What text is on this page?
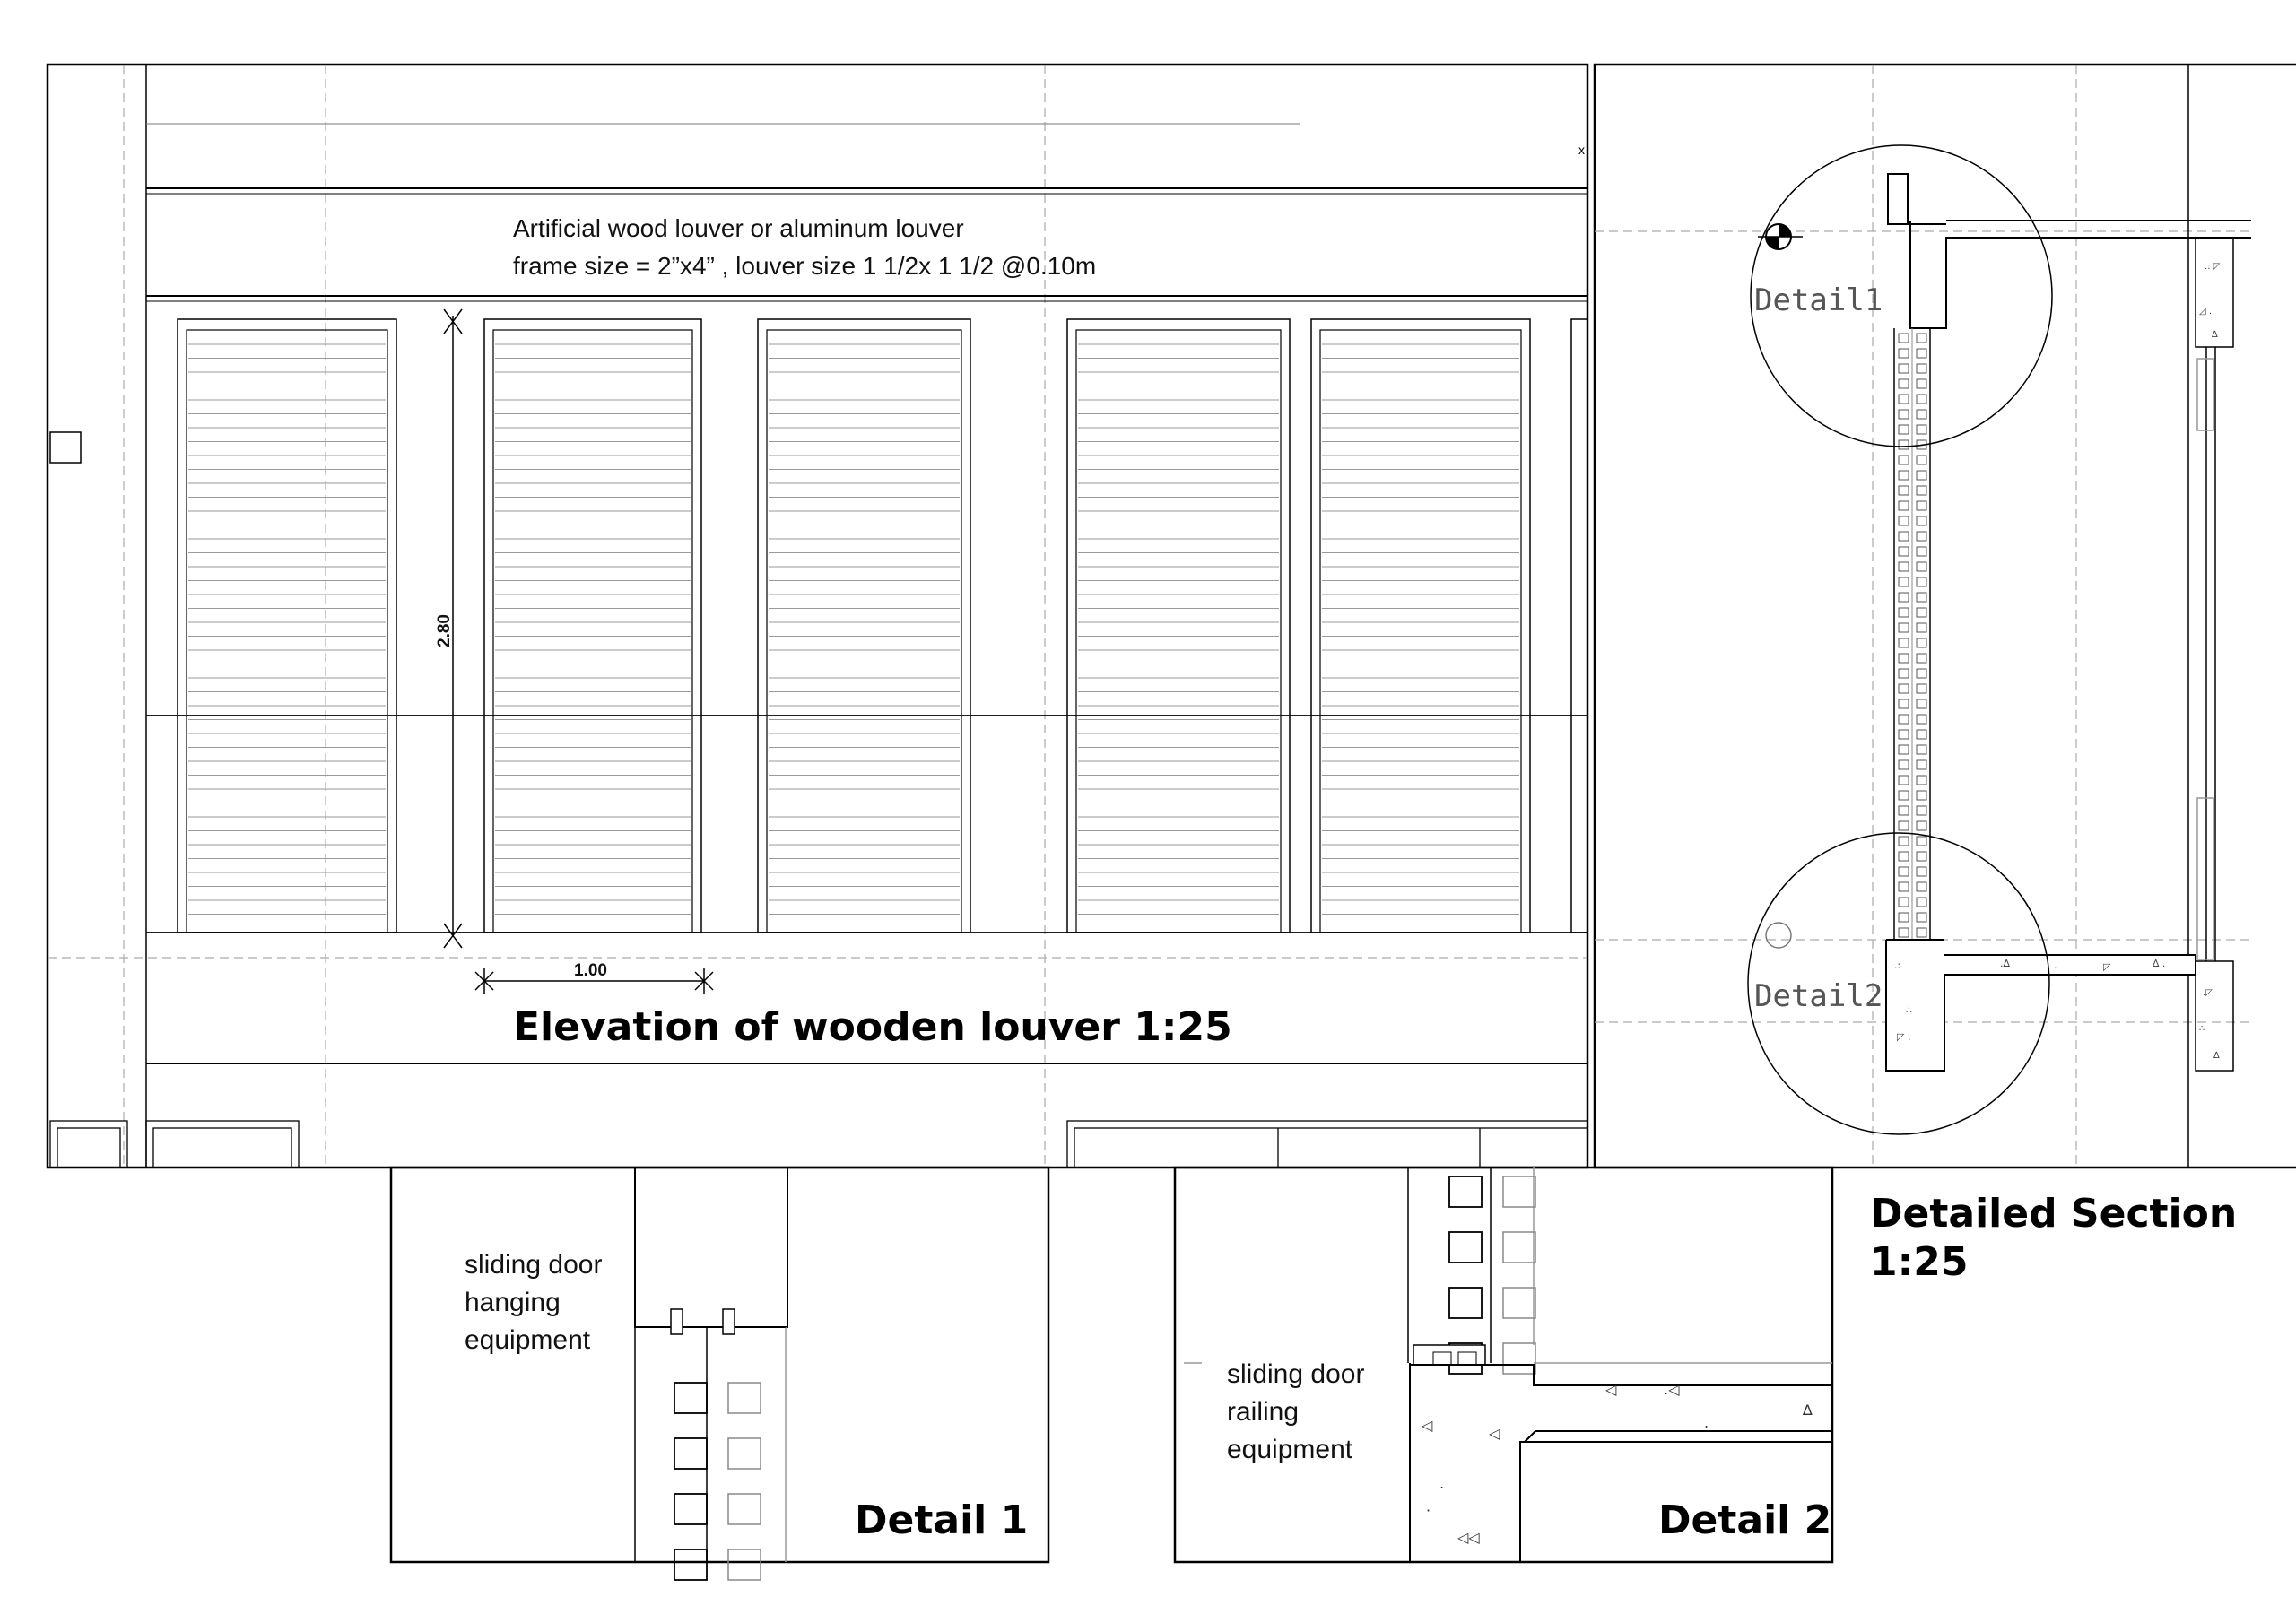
x
Artificial wood louver or aluminum louver
frame size = 2”x4” , louver size 1 1/2x 1 1/2 @0.10m
2.80
1.00
Elevation of wooden louver 1:25
.: ◸
◿ .
∆
.◸
∴
∆
.:
∴
◸ .
.∆	.	◸	∆ .
Detail1
Detail2
Detailed Section
1:25
sliding door
hanging
equipment
Detail 1
◁	◁
.
◁◁
·
◁	.◁
∆
.
sliding door
railing
equipment
Detail 2
